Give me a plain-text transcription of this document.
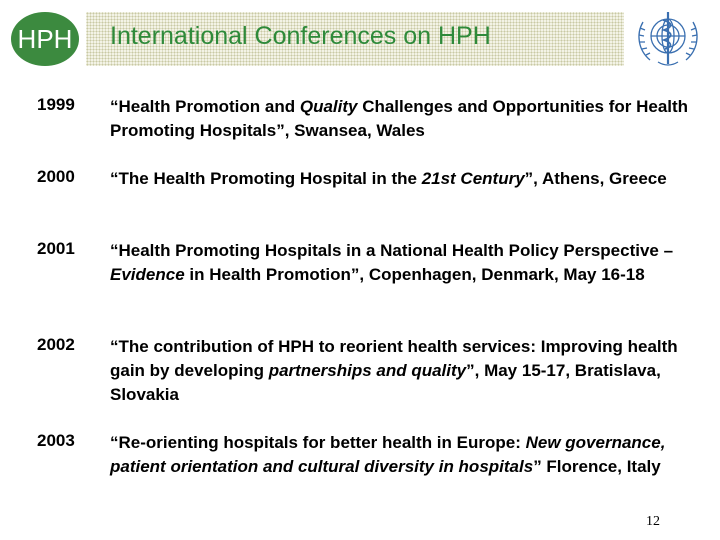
HPH International Conferences on HPH
1999 “Health Promotion and Quality Challenges and Opportunities for Health Promoting Hospitals”, Swansea, Wales
2000 “The Health Promoting Hospital in the 21st Century”, Athens, Greece
2001 “Health Promoting Hospitals in a National Health Policy Perspective – Evidence in Health Promotion”, Copenhagen, Denmark, May 16-18
2002 “The contribution of HPH to reorient health services: Improving health gain by developing partnerships and quality”, May 15-17, Bratislava, Slovakia
2003 “Re-orienting hospitals for better health in Europe: New governance, patient orientation and cultural diversity in hospitals” Florence, Italy
12
